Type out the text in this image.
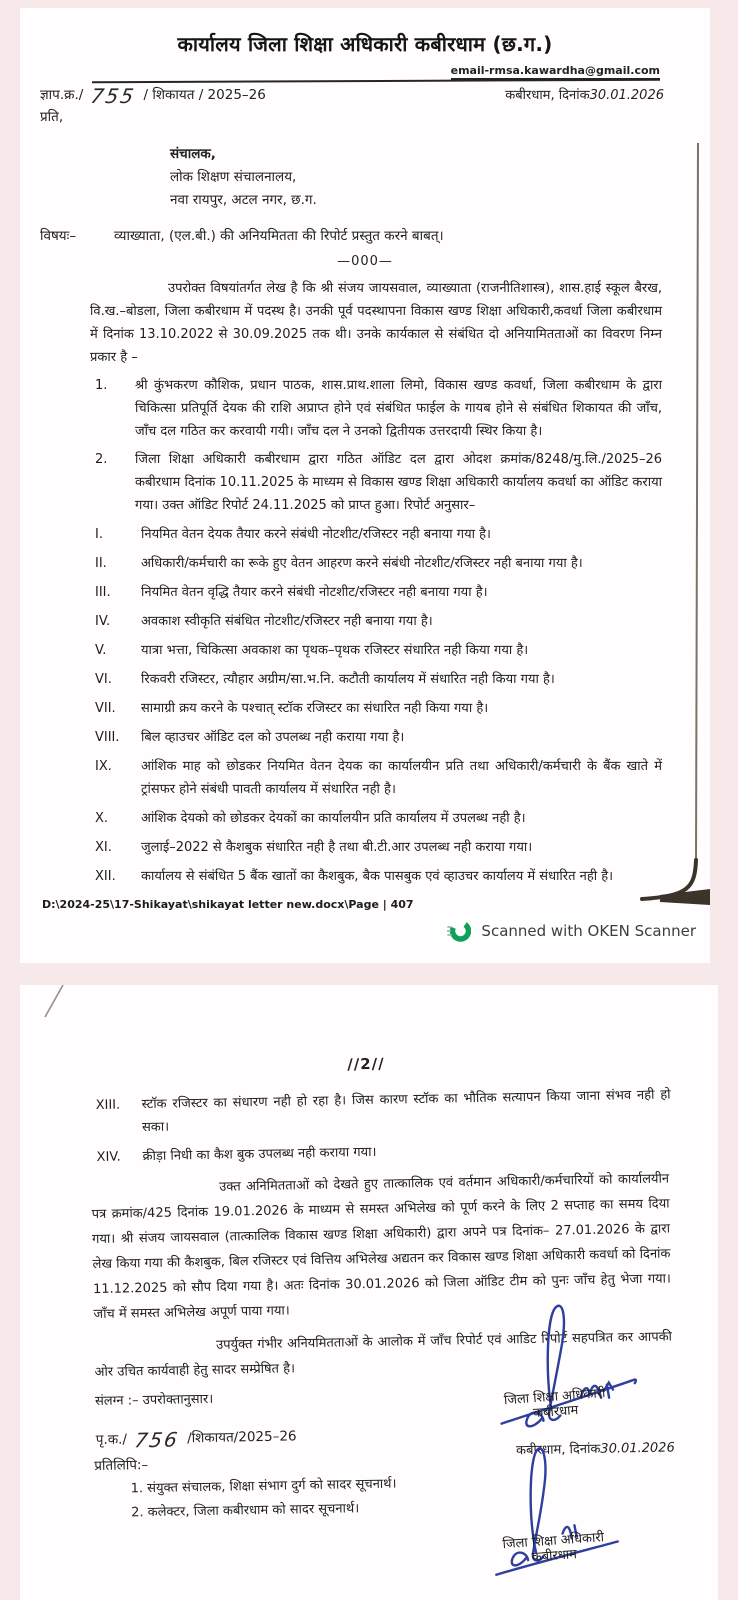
कार्यालय जिला शिक्षा अधिकारी कबीरधाम (छ.ग.)
email-rmsa.kawardha@gmail.com
ज्ञाप.क्र./ 755 / शिकायत / 2025–26	कबीरधाम, दिनांक30.01.2026
प्रति,
संचालक,
लोक शिक्षण संचालनालय,
नवा रायपुर, अटल नगर, छ.ग.
विषयः–	व्याख्याता, (एल.बी.) की अनियमितता की रिपोर्ट प्रस्तुत करने बाबत्।
—000—
उपरोक्त विषयांतर्गत लेख है कि श्री संजय जायसवाल, व्याख्याता (राजनीतिशास्त्र), शास.हाई स्कूल बैरख, वि.ख.–बोडला, जिला कबीरधाम में पदस्थ है। उनकी पूर्व पदस्थापना विकास खण्ड शिक्षा अधिकारी,कवर्धा जिला कबीरधाम में दिनांक 13.10.2022 से 30.09.2025 तक थी। उनके कार्यकाल से संबंधित दो अनियामितताओं का विवरण निम्न प्रकार है –
1. श्री कुंभकरण कौशिक, प्रधान पाठक, शास.प्राथ.शाला लिमो, विकास खण्ड कवर्धा, जिला कबीरधाम के द्वारा चिकित्सा प्रतिपूर्ति देयक की राशि अप्राप्त होने एवं संबंधित फाईल के गायब होने से संबंधित शिकायत की जाँच, जाँच दल गठित कर करवायी गयी। जाँच दल ने उनको द्वितीयक उत्तरदायी स्थिर किया है।
2. जिला शिक्षा अधिकारी कबीरधाम द्वारा गठित ऑडिट दल द्वारा ओदश क्रमांक/8248/मु.लि./2025–26 कबीरधाम दिनांक 10.11.2025 के माध्यम से विकास खण्ड शिक्षा अधिकारी कार्यालय कवर्धा का ऑडिट कराया गया। उक्त ऑडिट रिपोर्ट 24.11.2025 को प्राप्त हुआ। रिपोर्ट अनुसार–
I.	नियमित वेतन देयक तैयार करने संबंधी नोटशीट/रजिस्टर नही बनाया गया है।
II.	अधिकारी/कर्मचारी का रूके हुए वेतन आहरण करने संबंधी नोटशीट/रजिस्टर नही बनाया गया है।
III. नियमित वेतन वृद्धि तैयार करने संबंधी नोटशीट/रजिस्टर नही बनाया गया है।
IV. अवकाश स्वीकृति संबंधित नोटशीट/रजिस्टर नही बनाया गया है।
V.	यात्रा भत्ता, चिकित्सा अवकाश का पृथक–पृथक रजिस्टर संधारित नही किया गया है।
VI. रिकवरी रजिस्टर, त्यौहार अग्रीम/सा.भ.नि. कटौती कार्यालय में संधारित नही किया गया है।
VII. सामाग्री क्रय करने के पश्चात् स्टॉक रजिस्टर का संधारित नही किया गया है।
VIII. बिल व्हाउचर ऑडिट दल को उपलब्ध नही कराया गया है।
IX. आंशिक माह को छोडकर नियमित वेतन देयक का कार्यालयीन प्रति तथा अधिकारी/कर्मचारी के बैंक खाते में ट्रांसफर होने संबंधी पावती कार्यालय में संधारित नही है।
X.	आंशिक देयको को छोडकर देयकों का कार्यालयीन प्रति कार्यालय में उपलब्ध नही है।
XI. जुलाई–2022 से कैशबुक संधारित नही है तथा बी.टी.आर उपलब्ध नही कराया गया।
XII. कार्यालय से संबंधित 5 बैंक खातों का कैशबुक, बैक पासबुक एवं व्हाउचर कार्यालय में संधारित नही है।
D:\2024-25\17-Shikayat\shikayat letter new.docx\Page | 407
Scanned with OKEN Scanner
//2//
XIII. स्टॉक रजिस्टर का संधारण नही हो रहा है। जिस कारण स्टॉक का भौतिक सत्यापन किया जाना संभव नही हो सका।
XIV. क्रीड़ा निधी का कैश बुक उपलब्ध नही कराया गया।
उक्त अनिमितताओं को देखते हुए तात्कालिक एवं वर्तमान अधिकारी/कर्मचारियों को कार्यालयीन पत्र क्रमांक/425 दिनांक 19.01.2026 के माध्यम से समस्त अभिलेख को पूर्ण करने के लिए 2 सप्ताह का समय दिया गया। श्री संजय जायसवाल (तात्कालिक विकास खण्ड शिक्षा अधिकारी) द्वारा अपने पत्र दिनांक– 27.01.2026 के द्वारा लेख किया गया की कैशबुक, बिल रजिस्टर एवं वित्तिय अभिलेख अद्यतन कर विकास खण्ड शिक्षा अधिकारी कवर्धा को दिनांक 11.12.2025 को सौप दिया गया है। अतः दिनांक 30.01.2026 को जिला ऑडिट टीम को पुनः जाँच हेतु भेजा गया। जाँच में समस्त अभिलेख अपूर्ण पाया गया।
उपर्युक्त गंभीर अनियमितताओं के आलोक में जाँच रिपोर्ट एवं आडिट रिपोर्ट सहपत्रित कर आपकी ओर उचित कार्यवाही हेतु सादर सम्प्रेषित है।
संलग्न :– उपरोक्तानुसार।
पृ.क./ 756 /शिकायत/2025–26
प्रतिलिपि:–
1. संयुक्त संचालक, शिक्षा संभाग दुर्ग को सादर सूचनार्थ।
2. कलेक्टर, जिला कबीरधाम को सादर सूचनार्थ।
कबीरधाम, दिनांक30.01.2026
जिला शिक्षा अधिकारी
कबीरधाम
जिला शिक्षा अधिकारी
कबीरधाम
